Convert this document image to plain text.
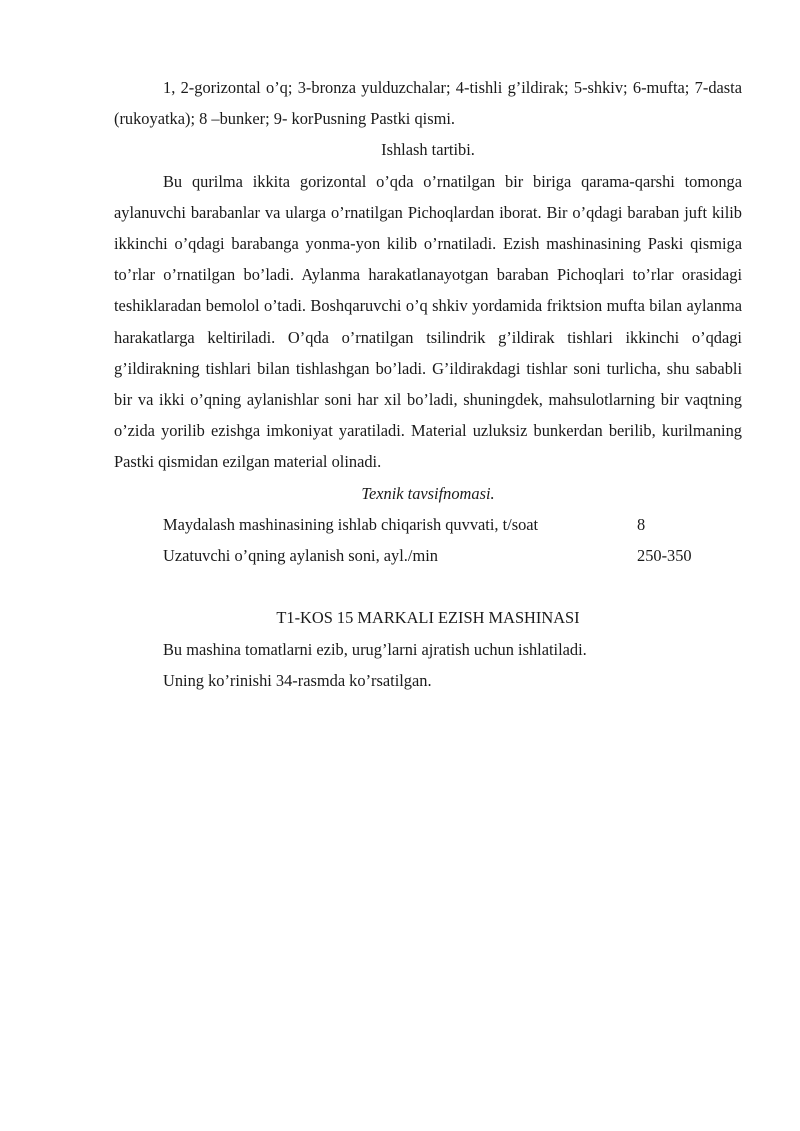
1, 2-gorizontal o’q; 3-bronza yulduzchalar; 4-tishli g’ildirak; 5-shkiv; 6-mufta; 7-dasta (rukoyatka); 8 –bunker; 9- korPusning Pastki qismi.

Ishlash tartibi.

Bu qurilma ikkita gorizontal o’qda o’rnatilgan bir biriga qarama-qarshi tomonga aylanuvchi barabanlar va ularga o’rnatilgan Pichoqlardan iborat. Bir o’qdagi baraban juft kilib ikkinchi o’qdagi barabanga yonma-yon kilib o’rnatiladi. Ezish mashinasining Paski qismiga to’rlar o’rnatilgan bo’ladi. Aylanma harakatlanayotgan baraban Pichoqlari to’rlar orasidagi teshiklaradan bemolol o’tadi. Boshqaruvchi o’q shkiv yordamida friktsion mufta bilan aylanma harakatlarga keltiriladi. O’qda o’rnatilgan tsilindrik g’ildirak tishlari ikkinchi o’qdagi g’ildirakning tishlari bilan tishlashgan bo’ladi. G’ildirakdagi tishlar soni turlicha, shu sababli bir va ikki o’qning aylanishlar soni har xil bo’ladi, shuningdek, mahsulotlarning bir vaqtning o’zida yorilib ezishga imkoniyat yaratiladi. Material uzluksiz bunkerdan berilib, kurilmaning Pastki qismidan ezilgan material olinadi.

Texnik tavsifnomasi.

Maydalash mashinasining ishlab chiqarish quvvati, t/soat	8
Uzatuvchi o’qning aylanish soni, ayl./min	250-350

T1-KOS 15 MARKALI EZISH MASHINASI

Bu mashina tomatlarni ezib, urug’larni ajratish uchun ishlatiladi.

Uning ko’rinishi 34-rasmda ko’rsatilgan.
